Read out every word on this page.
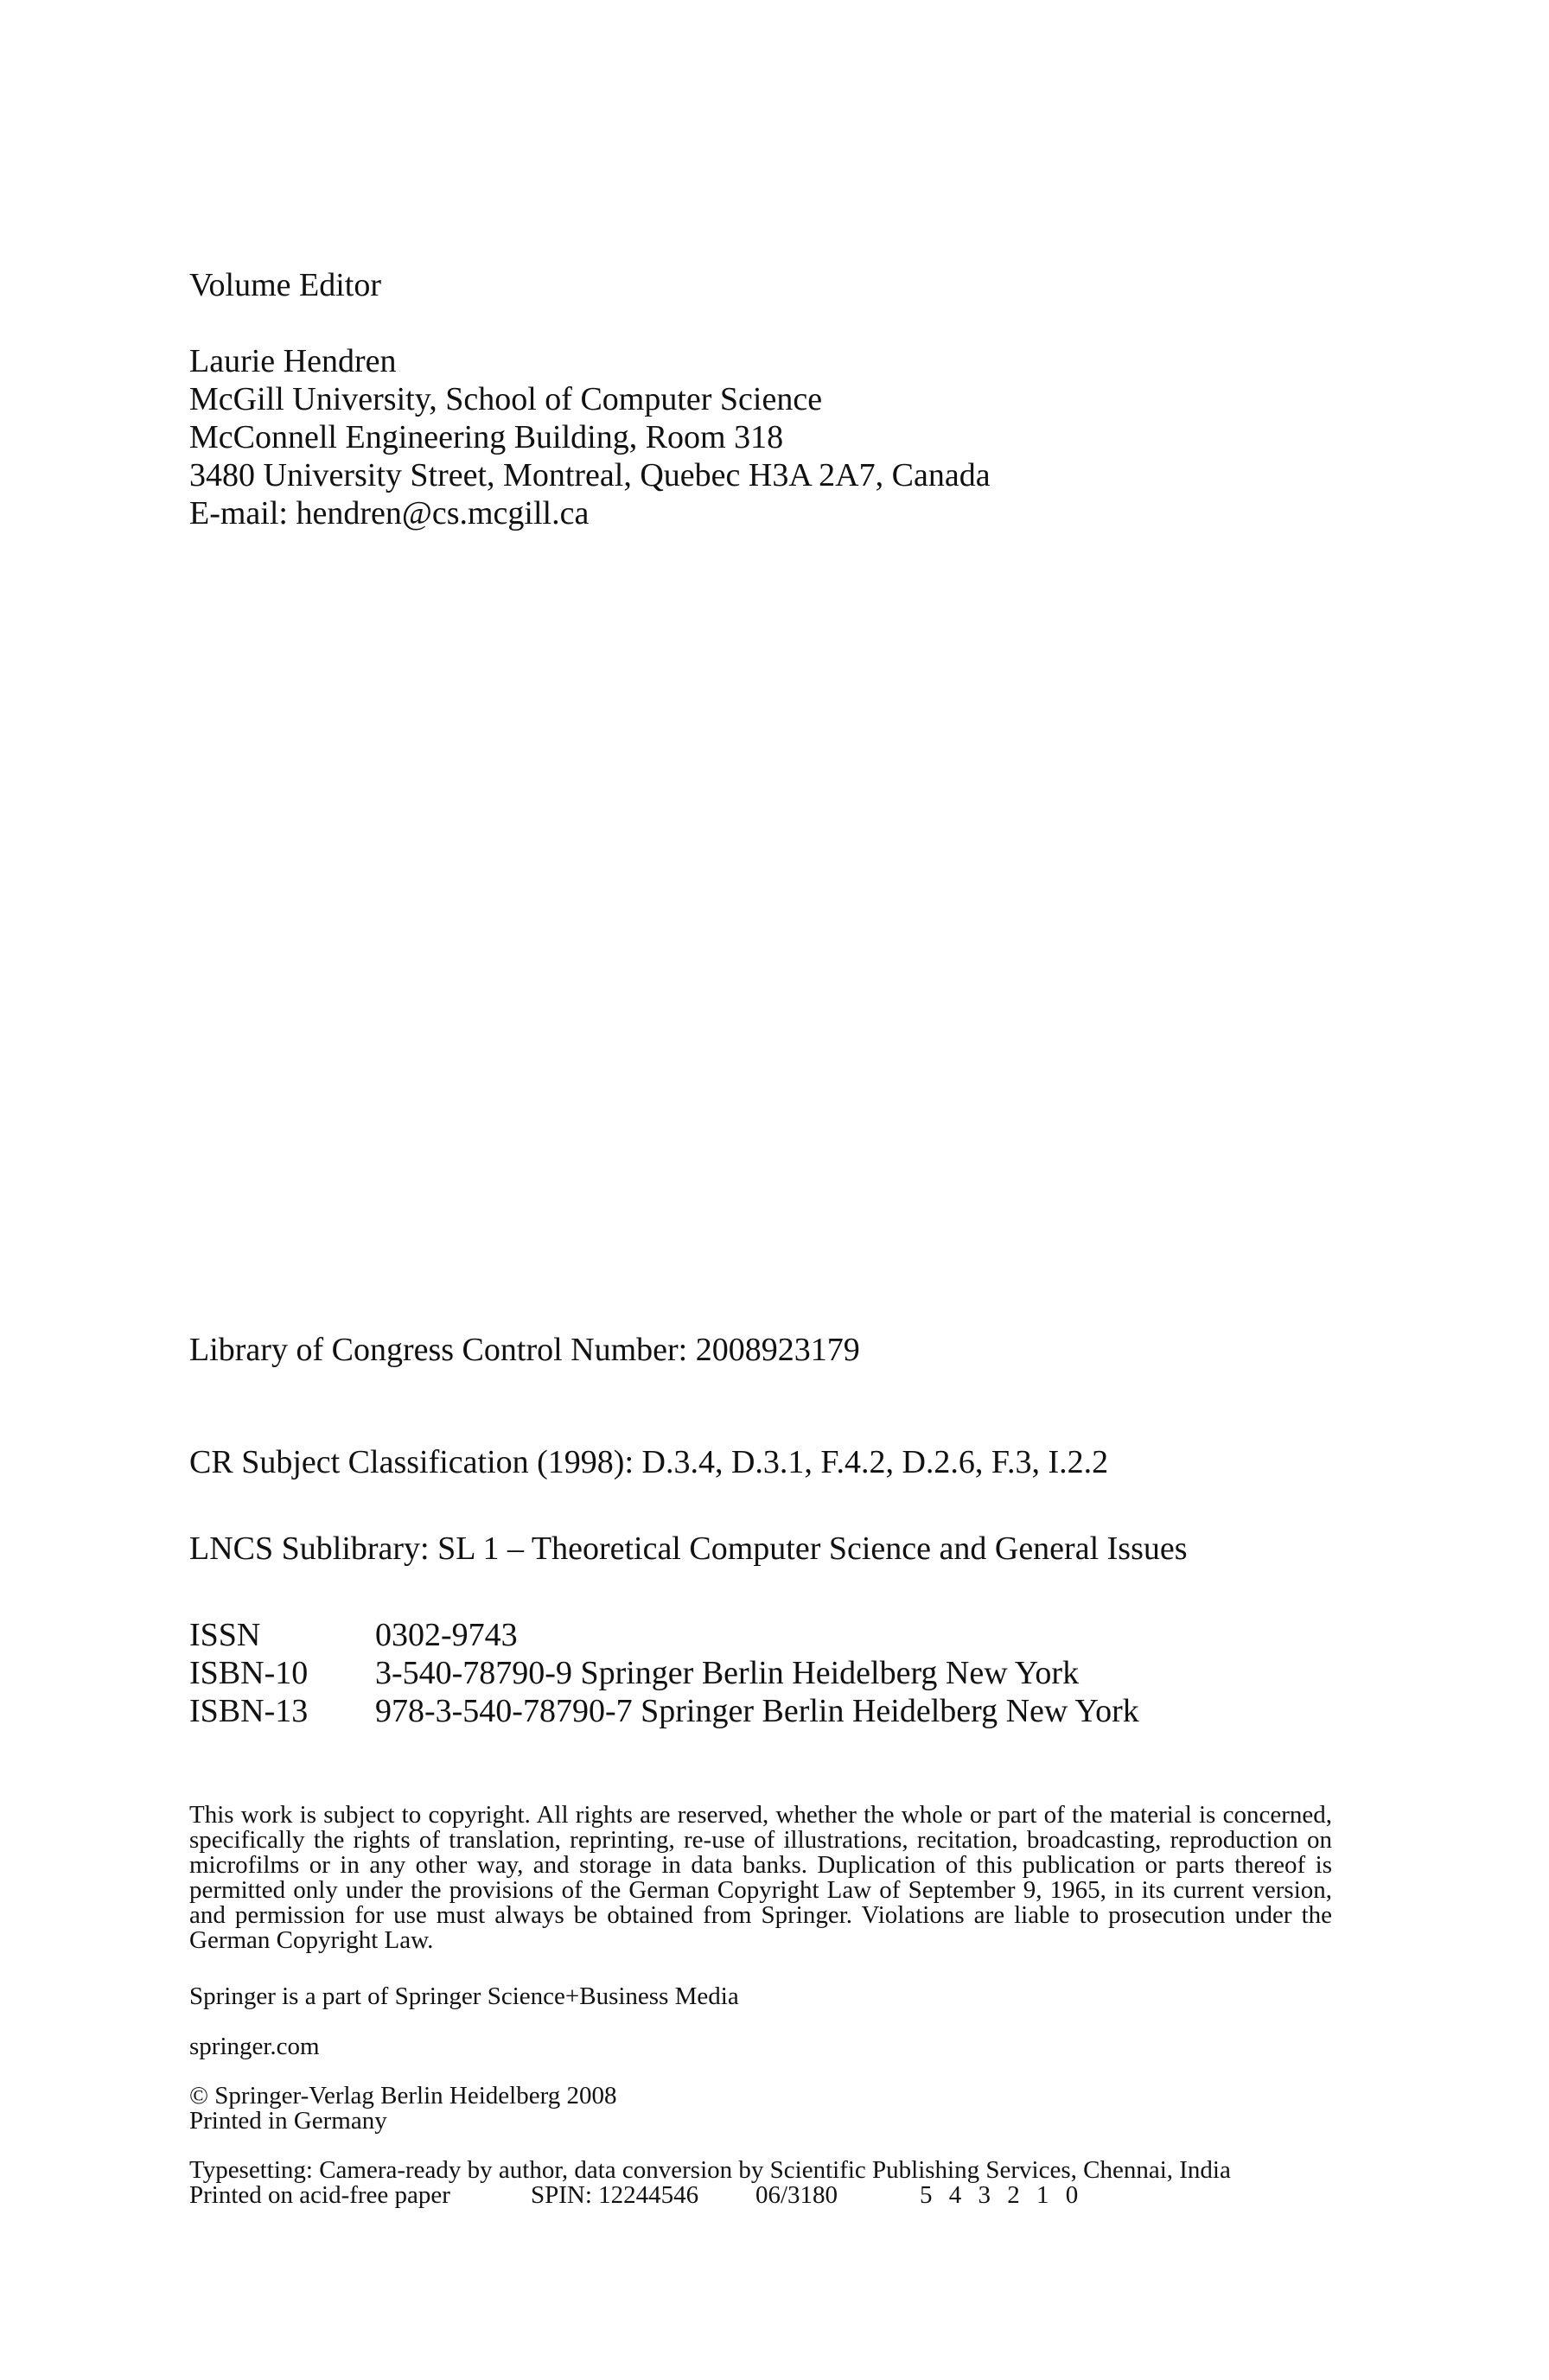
Volume Editor
Laurie Hendren
McGill University, School of Computer Science
McConnell Engineering Building, Room 318
3480 University Street, Montreal, Quebec H3A 2A7, Canada
E-mail: hendren@cs.mcgill.ca
Library of Congress Control Number: 2008923179
CR Subject Classification (1998): D.3.4, D.3.1, F.4.2, D.2.6, F.3, I.2.2
LNCS Sublibrary: SL 1 – Theoretical Computer Science and General Issues
ISSN	0302-9743
ISBN-10	3-540-78790-9 Springer Berlin Heidelberg New York
ISBN-13	978-3-540-78790-7 Springer Berlin Heidelberg New York
This work is subject to copyright. All rights are reserved, whether the whole or part of the material is concerned, specifically the rights of translation, reprinting, re-use of illustrations, recitation, broadcasting, reproduction on microfilms or in any other way, and storage in data banks. Duplication of this publication or parts thereof is permitted only under the provisions of the German Copyright Law of September 9, 1965, in its current version, and permission for use must always be obtained from Springer. Violations are liable to prosecution under the German Copyright Law.
Springer is a part of Springer Science+Business Media
springer.com
© Springer-Verlag Berlin Heidelberg 2008
Printed in Germany
Typesetting: Camera-ready by author, data conversion by Scientific Publishing Services, Chennai, India
Printed on acid-free paper	SPIN: 12244546	06/3180	5 4 3 2 1 0
